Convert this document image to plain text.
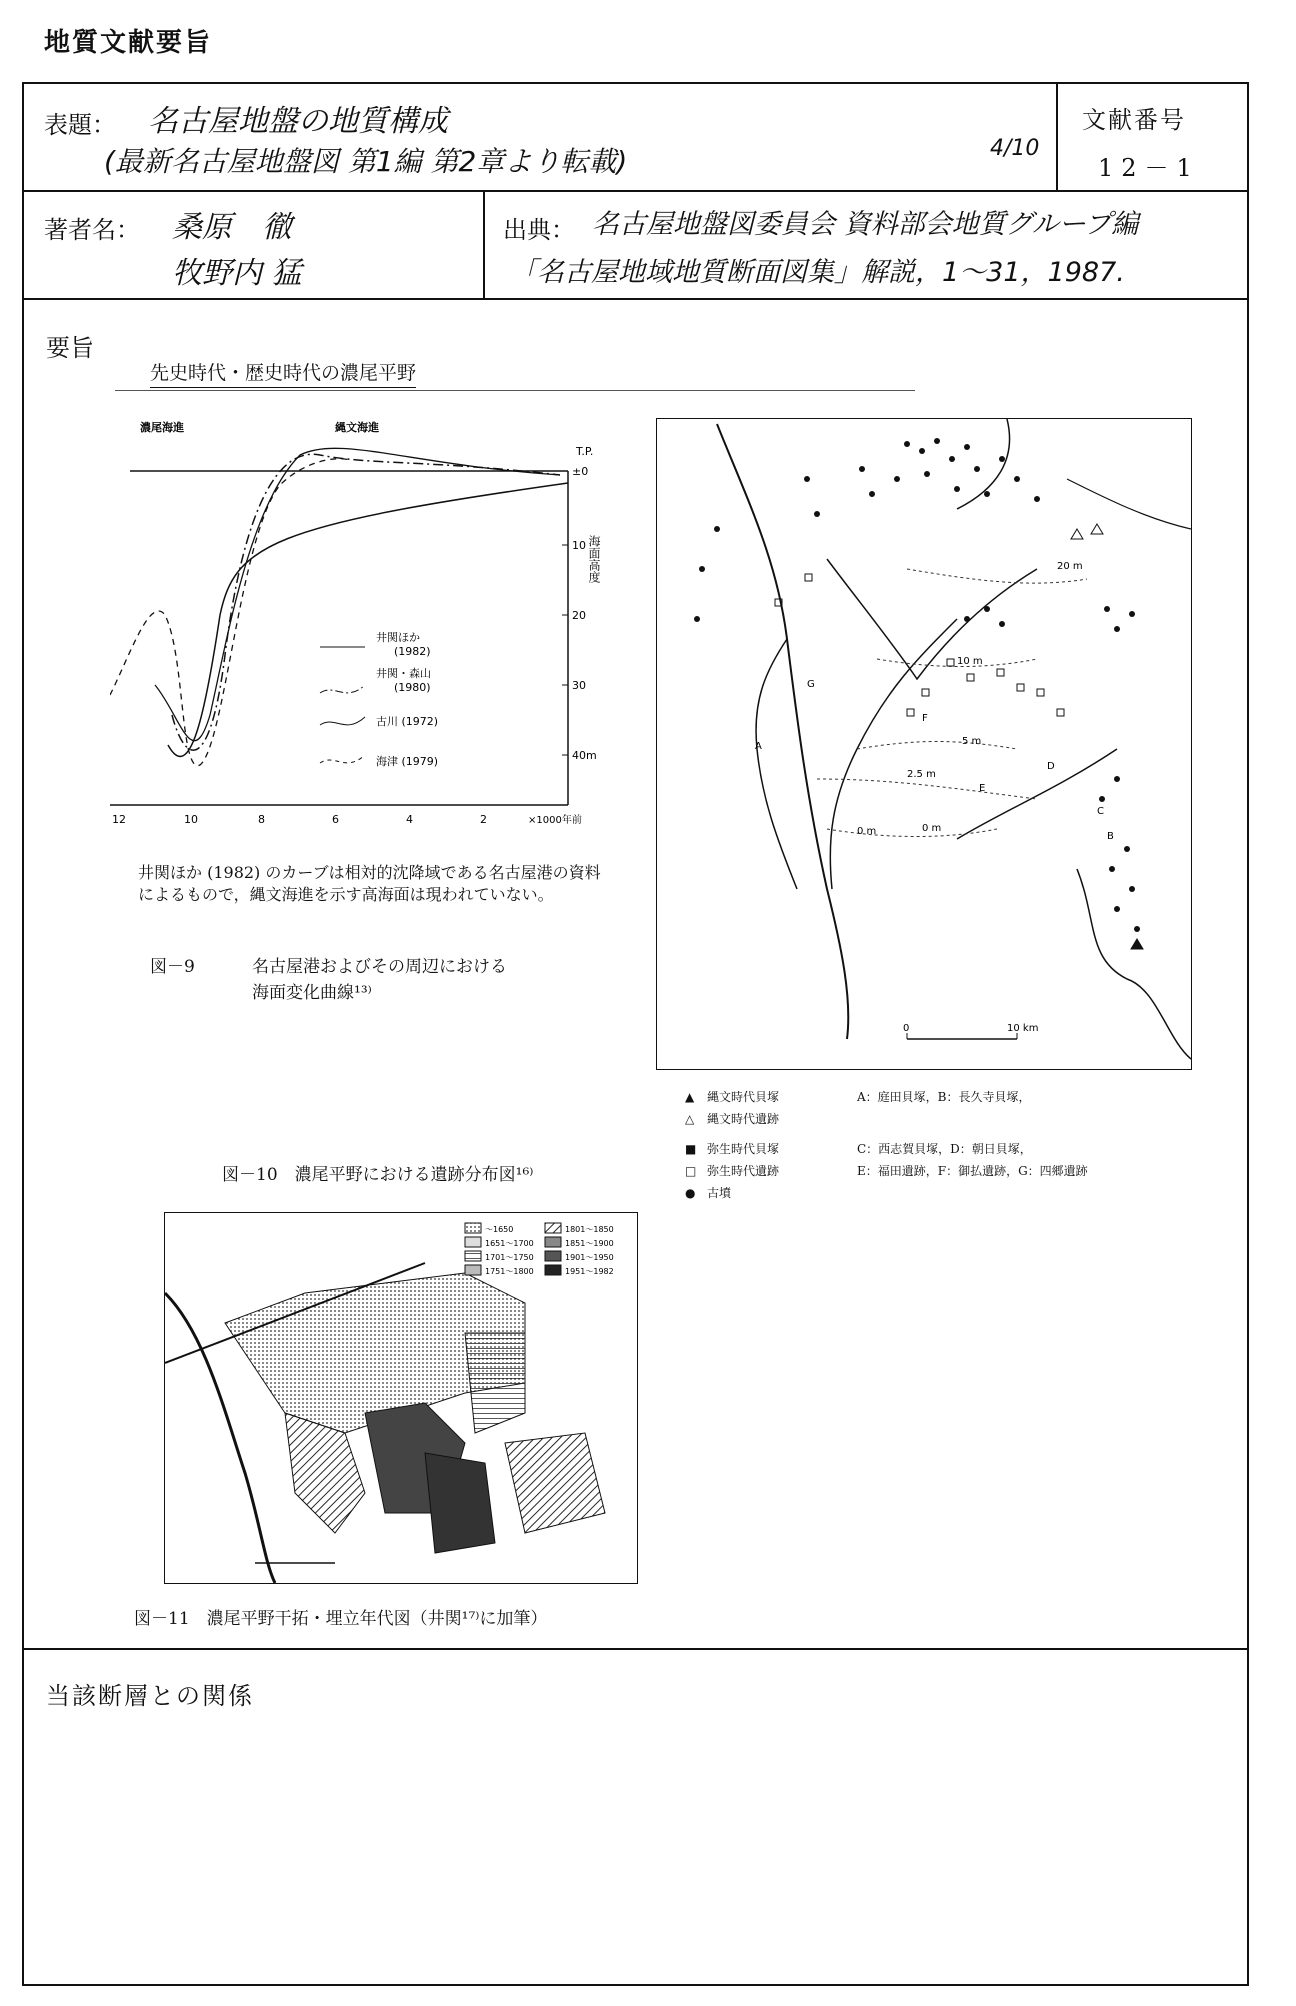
地質文献要旨
表題： 名古屋地盤の地質構成
(最新名古屋地盤図 第1編 第2章より転載)	4/10
文献番号
12－1
著者名： 桑原　徹
牧野内 猛
出典： 名古屋地盤図委員会 資料部会地質グループ編
「名古屋地域地質断面図集」解説，1～31，1987.
要旨
先史時代・歴史時代の濃尾平野
濃尾海進	縄文海進
T.P.
±0
10
20
30
40m
海面高度
12	10	8	6	4	2	×1000年前
井関ほか
(1982)
井関・森山
(1980)
古川 (1972)
海津 (1979)
井関ほか (1982) のカーブは相対的沈降域である名古屋港の資料によるもので，縄文海進を示す高海面は現われていない。
図－9	名古屋港およびその周辺における
海面変化曲線¹³⁾
20 m
10 m
5 m
2.5 m
0 m	0 m
A
B
C
D
E
F
G
0	10 km
▲	縄文時代貝塚	A：庭田貝塚，B：長久寺貝塚，
△	縄文時代遺跡
■ 弥生時代貝塚	C：西志賀貝塚，D：朝日貝塚，
□ 弥生時代遺跡	E：福田遺跡，F：御払遺跡，G：四郷遺跡
● 古墳
図－10　濃尾平野における遺跡分布図¹⁶⁾
～1650
1651～1700
1701～1750
1751～1800
1801～1850
1851～1900
1901～1950
1951～1982
図－11　濃尾平野干拓・埋立年代図（井関¹⁷⁾に加筆）
当該断層との関係
